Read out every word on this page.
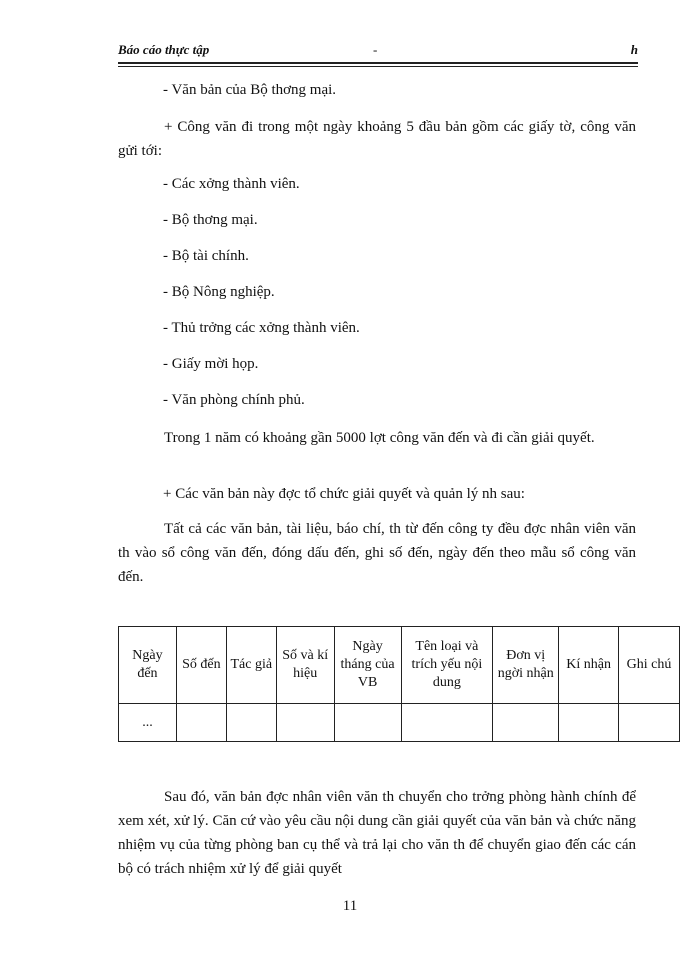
Báo cáo thực tập	-	h
- Văn bản của Bộ thơng mại.
+ Công văn đi trong một ngày khoảng 5 đầu bản gồm các giấy tờ, công văn gửi tới:
- Các xởng thành viên.
- Bộ thơng mại.
- Bộ tài chính.
- Bộ Nông nghiệp.
- Thủ trởng các xởng thành viên.
- Giấy mời họp.
- Văn phòng chính phủ.
Trong 1 năm có khoảng gần 5000 lợt công văn đến và đi cần giải quyết.
+ Các văn bản này đợc tổ chức giải quyết và quản lý nh sau:
Tất cả các văn bản, tài liệu, báo chí, th từ đến công ty đều đợc nhân viên văn th vào sổ công văn đến, đóng dấu đến, ghi số đến, ngày đến theo mẫu sổ công văn đến.
Ngày đến	Số đến	Tác giả	Số và kí hiệu	Ngày tháng của VB	Tên loại và trích yếu nội dung	Đơn vị ngời nhận	Kí nhận	Ghi chú
...								
Sau đó, văn bản đợc nhân viên văn th chuyển cho trởng phòng hành chính để xem xét, xử lý. Căn cứ vào yêu cầu nội dung cần giải quyết của văn bản và chức năng nhiệm vụ của từng phòng ban cụ thể và trả lại cho văn th để chuyển giao đến các cán bộ có trách nhiệm xử lý để giải quyết
11
